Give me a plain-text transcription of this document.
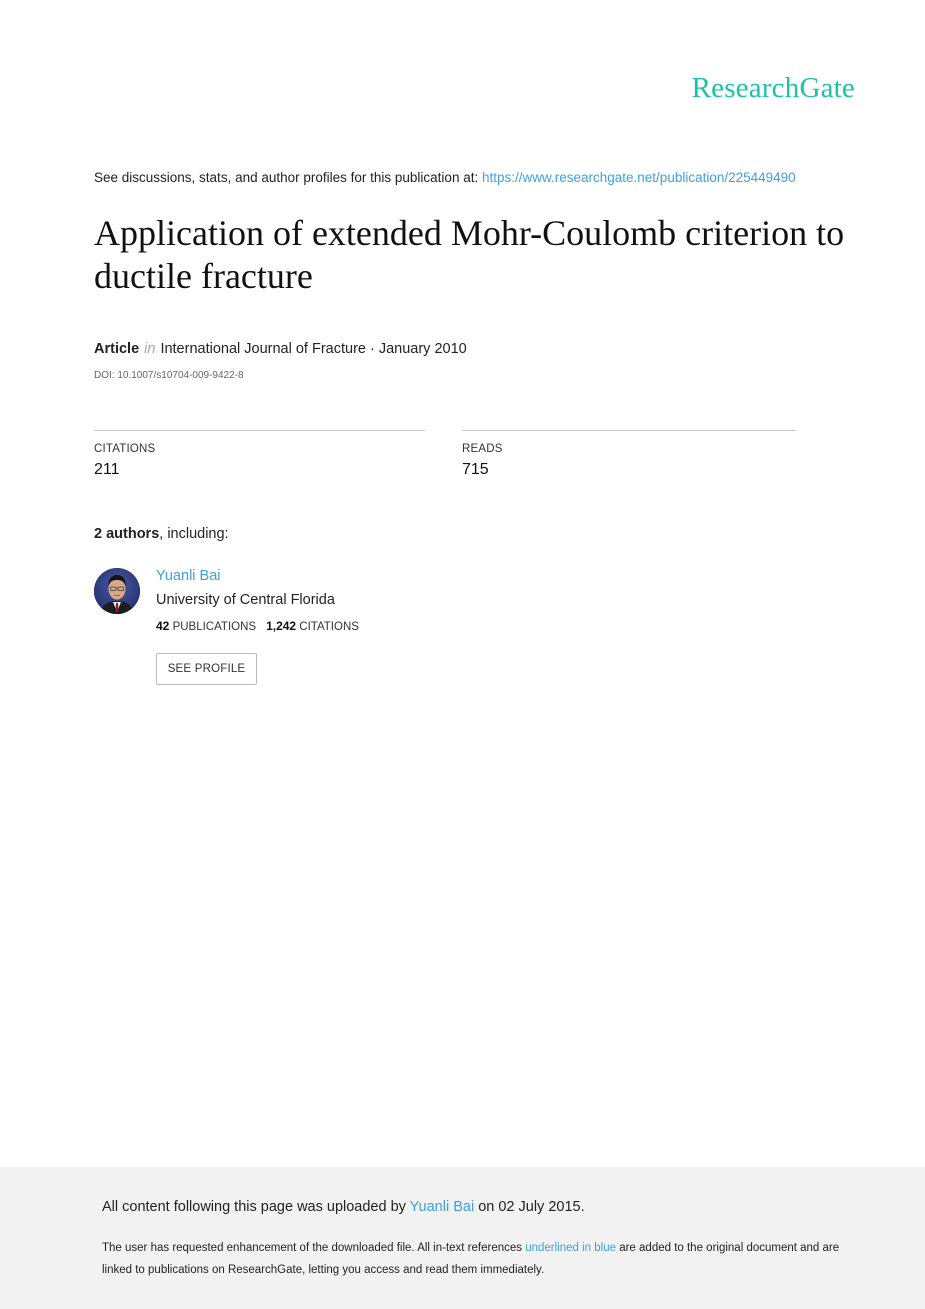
ResearchGate
See discussions, stats, and author profiles for this publication at: https://www.researchgate.net/publication/225449490
Application of extended Mohr-Coulomb criterion to ductile fracture
Article in International Journal of Fracture · January 2010
DOI: 10.1007/s10704-009-9422-8
CITATIONS
211
READS
715
2 authors, including:
Yuanli Bai
University of Central Florida
42 PUBLICATIONS 1,242 CITATIONS
SEE PROFILE
All content following this page was uploaded by Yuanli Bai on 02 July 2015.
The user has requested enhancement of the downloaded file. All in-text references underlined in blue are added to the original document and are linked to publications on ResearchGate, letting you access and read them immediately.
